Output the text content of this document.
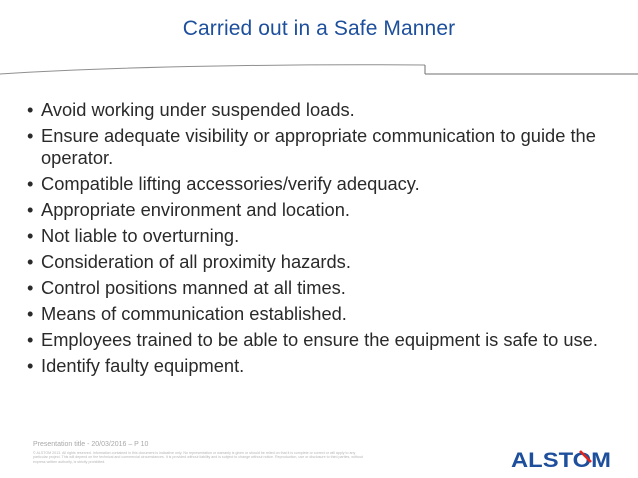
Carried out in a Safe Manner
• Avoid working under suspended loads.
• Ensure adequate visibility or appropriate communication to guide the operator.
• Compatible lifting accessories/verify adequacy.
• Appropriate environment and location.
• Not liable to overturning.
• Consideration of all proximity hazards.
• Control positions manned at all times.
• Means of communication established.
• Employees trained to be able to ensure the equipment is safe to use.
• Identify faulty equipment.
Presentation title - 20/03/2016 – P 10
© ALSTOM 2013. All rights reserved. Information contained in this document is indicative only. No representation or warranty is given or should be relied on that it is complete or correct or will apply to any particular project. This will depend on the technical and commercial circumstances. It is provided without liability and is subject to change without notice. Reproduction, use or disclosure to third parties, without express written authority, is strictly prohibited.	ALSTOM
